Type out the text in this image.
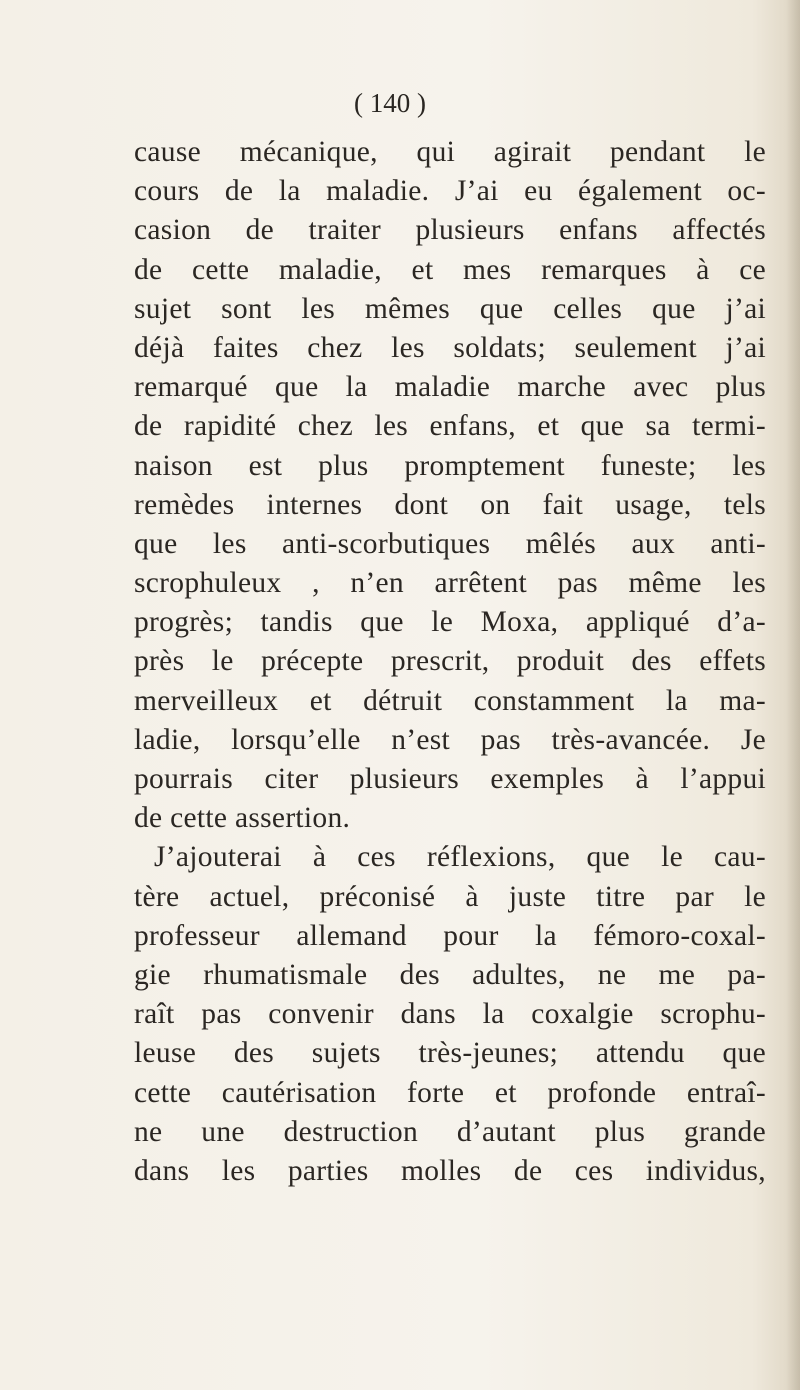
( 140 )
cause mécanique, qui agirait pendant le
cours de la maladie. J’ai eu également oc-
casion de traiter plusieurs enfans affectés
de cette maladie, et mes remarques à ce
sujet sont les mêmes que celles que j’ai
déjà faites chez les soldats; seulement j’ai
remarqué que la maladie marche avec plus
de rapidité chez les enfans, et que sa termi-
naison est plus promptement funeste; les
remèdes internes dont on fait usage, tels
que les anti-scorbutiques mêlés aux anti-
scrophuleux , n’en arrêtent pas même les
progrès; tandis que le Moxa, appliqué d’a-
près le précepte prescrit, produit des effets
merveilleux et détruit constamment la ma-
ladie, lorsqu’elle n’est pas très-avancée. Je
pourrais citer plusieurs exemples à l’appui
de cette assertion.
J’ajouterai à ces réflexions, que le cau-
tère actuel, préconisé à juste titre par le
professeur allemand pour la fémoro-coxal-
gie rhumatismale des adultes, ne me pa-
raît pas convenir dans la coxalgie scrophu-
leuse des sujets très-jeunes; attendu que
cette cautérisation forte et profonde entraî-
ne une destruction d’autant plus grande
dans les parties molles de ces individus,
